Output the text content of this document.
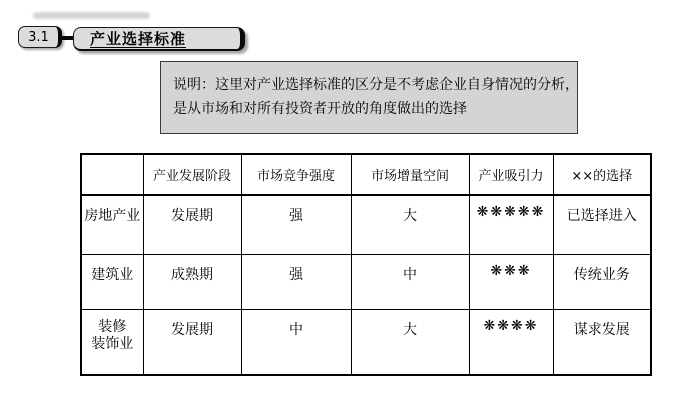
3.1	产业选择标准
说明：这里对产业选择标准的区分是不考虑企业自身情况的分析，
是从市场和对所有投资者开放的角度做出的选择
	产业发展阶段	市场竞争强度	市场增量空间	产业吸引力	××的选择
房地产业	发展期	强	大	❋❋❋❋❋	已选择进入
建筑业	成熟期	强	中	❋❋❋	传统业务

装修
装饰业	发展期	中	大	❋❋❋❋	谋求发展
